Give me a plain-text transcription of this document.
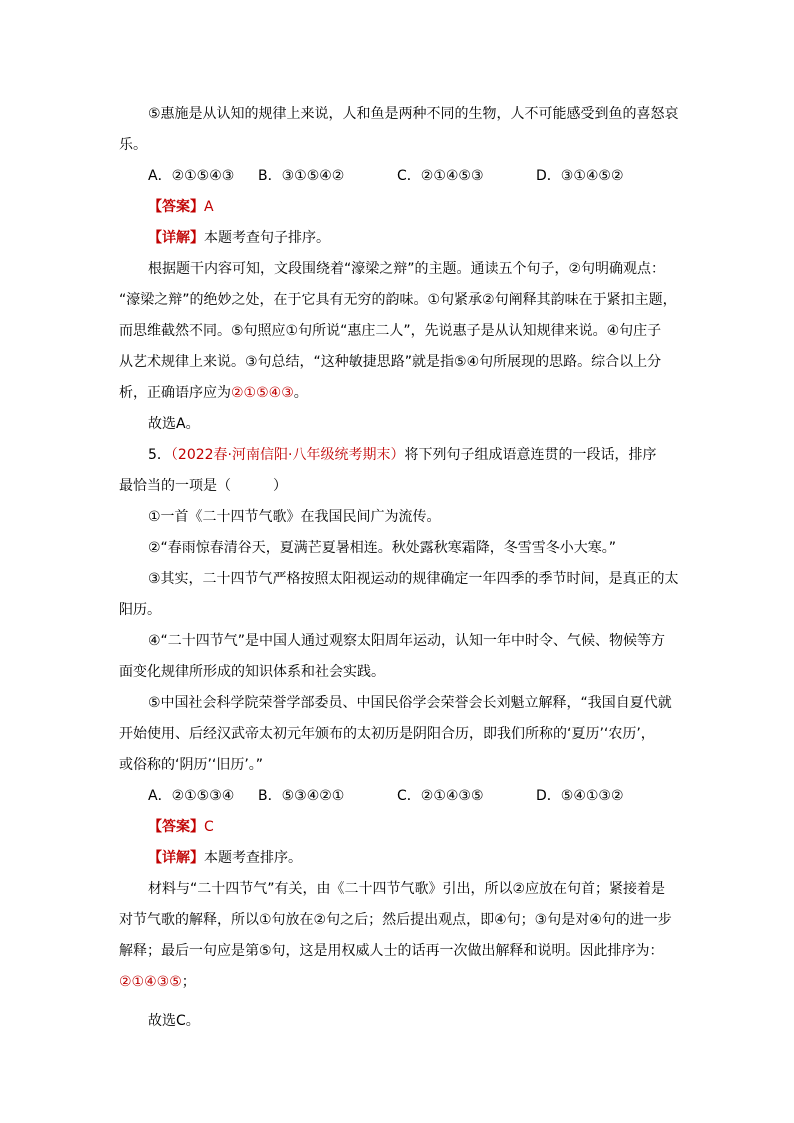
⑤惠施是从认知的规律上来说，人和鱼是两种不同的生物，人不可能感受到鱼的喜怒哀
乐。
A．②①⑤④③ B．③①⑤④②	C．②①④⑤③	D．③①④⑤②
【答案】A
【详解】本题考查句子排序。
根据题干内容可知，文段围绕着“濠梁之辩”的主题。通读五个句子，②句明确观点：
“濠梁之辩”的绝妙之处，在于它具有无穷的韵味。①句紧承②句阐释其韵味在于紧扣主题，
而思维截然不同。⑤句照应①句所说“惠庄二人”，先说惠子是从认知规律来说。④句庄子
从艺术规律上来说。③句总结，“这种敏捷思路”就是指⑤④句所展现的思路。综合以上分
析，正确语序应为②①⑤④③。
故选A。
5．（2022春·河南信阳·八年级统考期末）将下列句子组成语意连贯的一段话，排序
最恰当的一项是（　　　）
①一首《二十四节气歌》在我国民间广为流传。
②“春雨惊春清谷天，夏满芒夏暑相连。秋处露秋寒霜降，冬雪雪冬小大寒。”
③其实，二十四节气严格按照太阳视运动的规律确定一年四季的季节时间，是真正的太
阳历。
④“二十四节气”是中国人通过观察太阳周年运动，认知一年中时令、气候、物候等方
面变化规律所形成的知识体系和社会实践。
⑤中国社会科学院荣誉学部委员、中国民俗学会荣誉会长刘魁立解释，“我国自夏代就
开始使用、后经汉武帝太初元年颁布的太初历是阴阳合历，即我们所称的‘夏历’‘农历’，
或俗称的‘阴历’‘旧历’。”
A．②①⑤③④ B．⑤③④②①	C．②①④③⑤	D．⑤④①③②
【答案】C
【详解】本题考查排序。
材料与“二十四节气”有关，由《二十四节气歌》引出，所以②应放在句首；紧接着是
对节气歌的解释，所以①句放在②句之后；然后提出观点，即④句；③句是对④句的进一步
解释；最后一句应是第⑤句，这是用权威人士的话再一次做出解释和说明。因此排序为：
②①④③⑤；
故选C。
